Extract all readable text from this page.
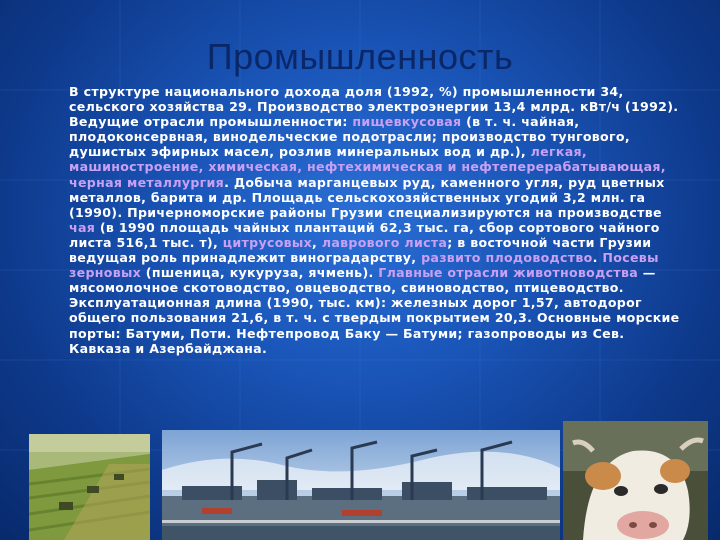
Промышленность
В структуре национального дохода доля (1992, %) промышленности 34, сельского хозяйства 29. Производство электроэнергии 13,4 млрд. кВт/ч (1992). Ведущие отрасли промышленности: пищевкусовая (в т. ч. чайная, плодоконсервная, винодельческие подотрасли; производство тунгового, душистых эфирных масел, розлив минеральных вод и др.), легкая, машиностроение, химическая, нефтехимическая и нефтеперерабатывающая, черная металлургия. Добыча марганцевых руд, каменного угля, руд цветных металлов, барита и др. Площадь сельскохозяйственных угодий 3,2 млн. га (1990). Причерноморские районы Грузии специализируются на производстве чая (в 1990 площадь чайных плантаций 62,3 тыс. га, сбор сортового чайного листа 516,1 тыс. т), цитрусовых, лаврового листа; в восточной части Грузии ведущая роль принадлежит виноградарству, развито плодоводство. Посевы зерновых (пшеница, кукуруза, ячмень). Главные отрасли животноводства — мясомолочное скотоводство, овцеводство, свиноводство, птицеводство. Эксплуатационная длина (1990, тыс. км): железных дорог 1,57, автодорог общего пользования 21,6, в т. ч. с твердым покрытием 20,3. Основные морские порты: Батуми, Поти. Нефтепровод Баку — Батуми; газопроводы из Сев. Кавказа и Азербайджана.
